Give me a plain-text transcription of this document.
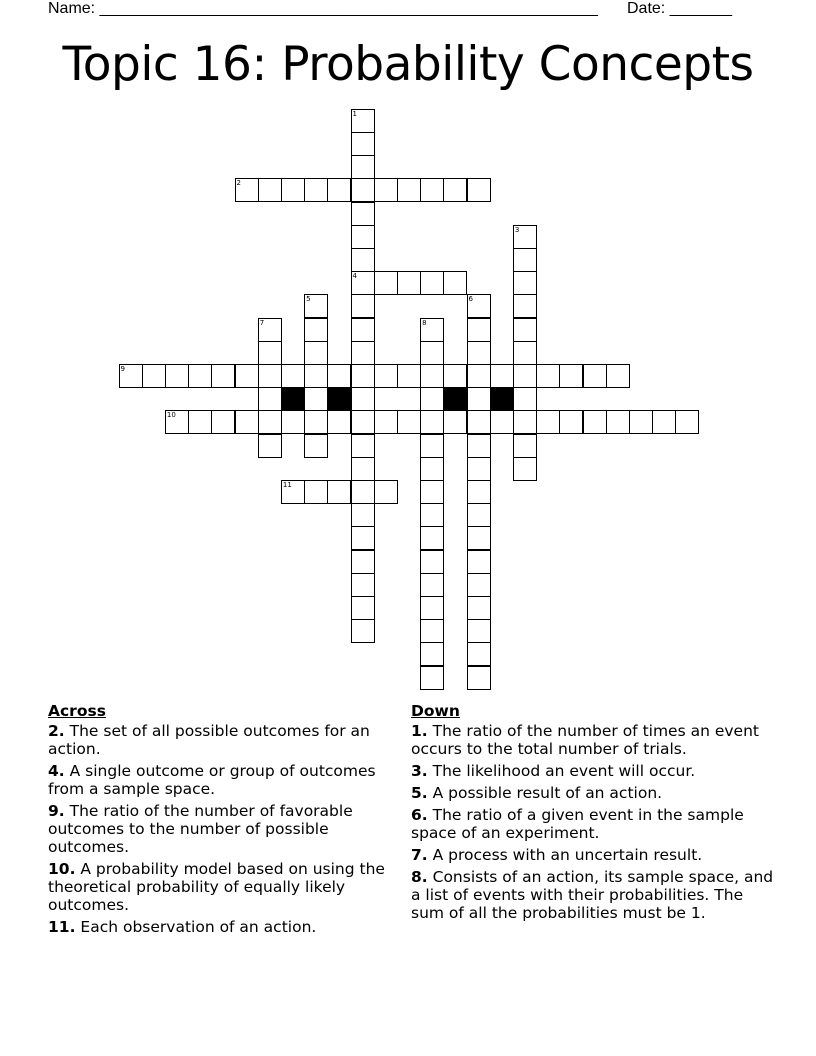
Name: ________________________________________________________ Date: _______
Topic 16: Probability Concepts
1
4
2
3
5	6
7	8
9
10
11
Across
2. The set of all possible outcomes for an action.
4. A single outcome or group of outcomes from a sample space.
9. The ratio of the number of favorable outcomes to the number of possible outcomes.
10. A probability model based on using the theoretical probability of equally likely outcomes.
11. Each observation of an action.
Down
1. The ratio of the number of times an event occurs to the total number of trials.
3. The likelihood an event will occur.
5. A possible result of an action.
6. The ratio of a given event in the sample space of an experiment.
7. A process with an uncertain result.
8. Consists of an action, its sample space, and a list of events with their probabilities. The sum of all the probabilities must be 1.
